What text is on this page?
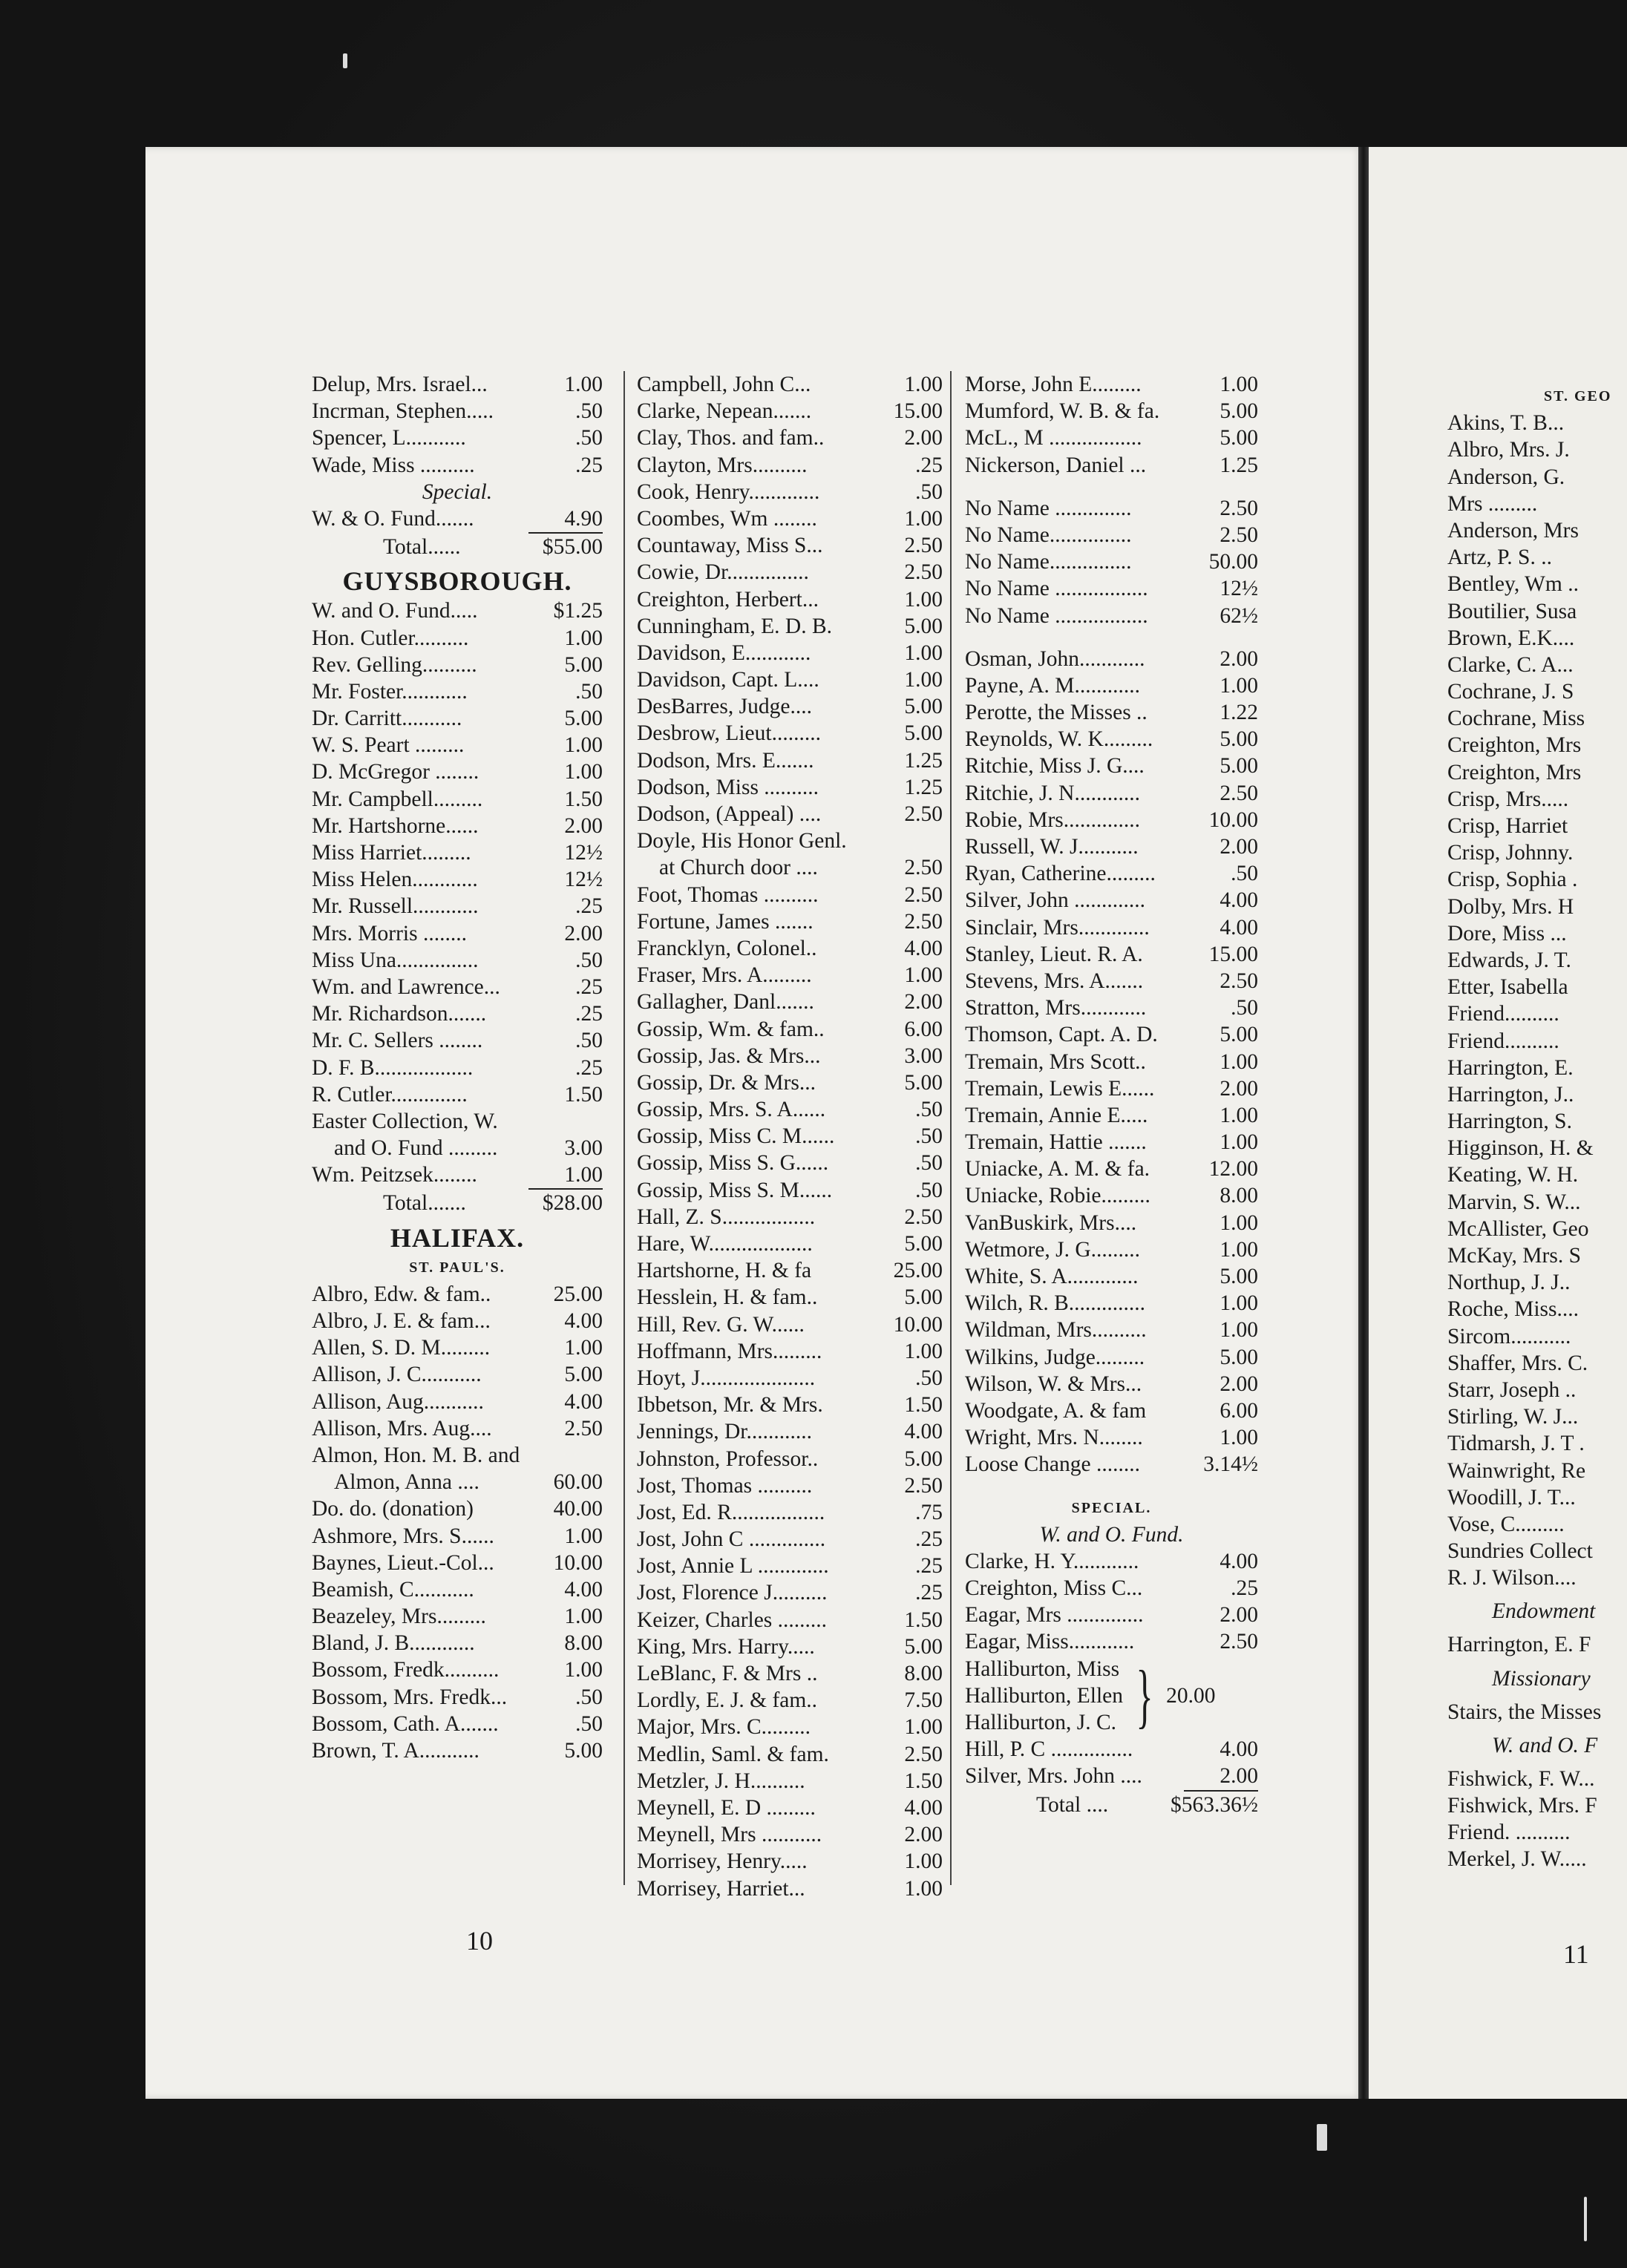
Delup, Mrs. Israel...	1.00
Incrman, Stephen.....	.50
Spencer, L...........	.50
Wade, Miss ..........	.25
Special.
W. & O. Fund.......	4.90
Total......	$55.00
GUYSBOROUGH.
W. and O. Fund.....	$1.25
Hon. Cutler..........	1.00
Rev. Gelling..........	5.00
Mr. Foster............	.50
Dr. Carritt...........	5.00
W. S. Peart .........	1.00
D. McGregor ........	1.00
Mr. Campbell.........	1.50
Mr. Hartshorne......	2.00
Miss Harriet.........	12½
Miss Helen............	12½
Mr. Russell............	.25
Mrs. Morris ........	2.00
Miss Una...............	.50
Wm. and Lawrence...	.25
Mr. Richardson.......	.25
Mr. C. Sellers ........	.50
D. F. B..................	.25
R. Cutler..............	1.50
Easter Collection, W.
and O. Fund .........	3.00
Wm. Peitzsek........	1.00
Total.......	$28.00
HALIFAX.
ST. PAUL'S.
Albro, Edw. & fam..	25.00
Albro, J. E. & fam...	4.00
Allen, S. D. M.........	1.00
Allison, J. C...........	5.00
Allison, Aug...........	4.00
Allison, Mrs. Aug....	2.50
Almon, Hon. M. B. and
Almon, Anna ....	60.00
Do. do. (donation)	40.00
Ashmore, Mrs. S......	1.00
Baynes, Lieut.-Col...	10.00
Beamish, C...........	4.00
Beazeley, Mrs.........	1.00
Bland, J. B............	8.00
Bossom, Fredk..........	1.00
Bossom, Mrs. Fredk...	.50
Bossom, Cath. A.......	.50
Brown, T. A...........	5.00
Campbell, John C...	1.00
Clarke, Nepean.......	15.00
Clay, Thos. and fam..	2.00
Clayton, Mrs..........	.25
Cook, Henry.............	.50
Coombes, Wm ........	1.00
Countaway, Miss S...	2.50
Cowie, Dr...............	2.50
Creighton, Herbert...	1.00
Cunningham, E. D. B.	5.00
Davidson, E............	1.00
Davidson, Capt. L....	1.00
DesBarres, Judge....	5.00
Desbrow, Lieut.........	5.00
Dodson, Mrs. E.......	1.25
Dodson, Miss ..........	1.25
Dodson, (Appeal) ....	2.50
Doyle, His Honor Genl.
at Church door ....	2.50
Foot, Thomas ..........	2.50
Fortune, James .......	2.50
Francklyn, Colonel..	4.00
Fraser, Mrs. A.........	1.00
Gallagher, Danl.......	2.00
Gossip, Wm. & fam..	6.00
Gossip, Jas. & Mrs...	3.00
Gossip, Dr. & Mrs...	5.00
Gossip, Mrs. S. A......	.50
Gossip, Miss C. M......	.50
Gossip, Miss S. G......	.50
Gossip, Miss S. M......	.50
Hall, Z. S.................	2.50
Hare, W...................	5.00
Hartshorne, H. & fa	25.00
Hesslein, H. & fam..	5.00
Hill, Rev. G. W......	10.00
Hoffmann, Mrs.........	1.00
Hoyt, J.....................	.50
Ibbetson, Mr. & Mrs.	1.50
Jennings, Dr............	4.00
Johnston, Professor..	5.00
Jost, Thomas ..........	2.50
Jost, Ed. R.................	.75
Jost, John C ..............	.25
Jost, Annie L .............	.25
Jost, Florence J..........	.25
Keizer, Charles .........	1.50
King, Mrs. Harry.....	5.00
LeBlanc, F. & Mrs ..	8.00
Lordly, E. J. & fam..	7.50
Major, Mrs. C.........	1.00
Medlin, Saml. & fam.	2.50
Metzler, J. H..........	1.50
Meynell, E. D .........	4.00
Meynell, Mrs ...........	2.00
Morrisey, Henry.....	1.00
Morrisey, Harriet...	1.00
Morse, John E.........	1.00
Mumford, W. B. & fa.	5.00
McL., M .................	5.00
Nickerson, Daniel ...	1.25
No Name ..............	2.50
No Name...............	2.50
No Name...............	50.00
No Name .................	12½
No Name .................	62½
Osman, John............	2.00
Payne, A. M............	1.00
Perotte, the Misses ..	1.22
Reynolds, W. K.........	5.00
Ritchie, Miss J. G....	5.00
Ritchie, J. N............	2.50
Robie, Mrs..............	10.00
Russell, W. J...........	2.00
Ryan, Catherine.........	.50
Silver, John .............	4.00
Sinclair, Mrs.............	4.00
Stanley, Lieut. R. A.	15.00
Stevens, Mrs. A.......	2.50
Stratton, Mrs............	.50
Thomson, Capt. A. D.	5.00
Tremain, Mrs Scott..	1.00
Tremain, Lewis E......	2.00
Tremain, Annie E.....	1.00
Tremain, Hattie .......	1.00
Uniacke, A. M. & fa.	12.00
Uniacke, Robie.........	8.00
VanBuskirk, Mrs....	1.00
Wetmore, J. G.........	1.00
White, S. A.............	5.00
Wilch, R. B..............	1.00
Wildman, Mrs..........	1.00
Wilkins, Judge.........	5.00
Wilson, W. & Mrs...	2.00
Woodgate, A. & fam	6.00
Wright, Mrs. N........	1.00
Loose Change ........	3.14½
SPECIAL.
W. and O. Fund.
Clarke, H. Y............	4.00
Creighton, Miss C...	.25
Eagar, Mrs ..............	2.00
Eagar, Miss............	2.50
Halliburton, Miss
Halliburton, Ellen
Halliburton, J. C. } 20.00
Hill, P. C ...............	4.00
Silver, Mrs. John ....	2.00
Total ....	$563.36½
ST. GEO
Akins, T. B...
Albro, Mrs. J.
Anderson, G.
Mrs .........
Anderson, Mrs
Artz, P. S. ..
Bentley, Wm ..
Boutilier, Susa
Brown, E.K....
Clarke, C. A...
Cochrane, J. S
Cochrane, Miss
Creighton, Mrs
Creighton, Mrs
Crisp, Mrs.....
Crisp, Harriet
Crisp, Johnny.
Crisp, Sophia .
Dolby, Mrs. H
Dore, Miss ...
Edwards, J. T.
Etter, Isabella
Friend..........
Friend..........
Harrington, E.
Harrington, J..
Harrington, S.
Higginson, H. &
Keating, W. H.
Marvin, S. W...
McAllister, Geo
McKay, Mrs. S
Northup, J. J..
Roche, Miss....
Sircom...........
Shaffer, Mrs. C.
Starr, Joseph ..
Stirling, W. J...
Tidmarsh, J. T .
Wainwright, Re
Woodill, J. T...
Vose, C.........
Sundries Collect
R. J. Wilson....
Endowment
Harrington, E. F
Missionary
Stairs, the Misses
W. and O. F
Fishwick, F. W...
Fishwick, Mrs. F
Friend. ..........
Merkel, J. W.....
10	11
